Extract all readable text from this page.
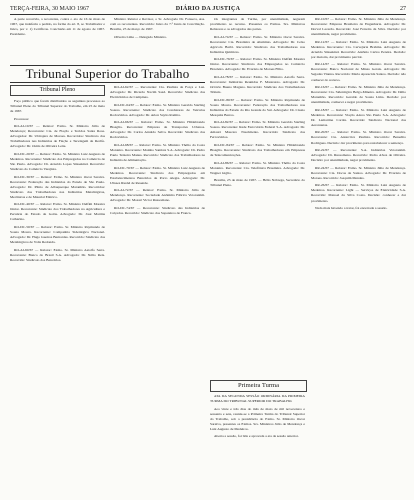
TERÇA-FEIRA, 30 MAIO 1967	DIÁRIO DA JUSTIÇA	27

A parte recorrida, a recorrente, contra o ato de 16 de maio de 1967, que indeferiu o pedido, na forma do art. 8, ao Trabalhador e Juízo, por v. 1) Certificou. Conclusão em 11 de agosto de 1967. Presidente.

Ministro Relator e Revisor, o Sr. Advogado Dr. Fonseca, Ass. com os recorrentes. Recorrido: Juízo da 7.ª Junta de Conciliação. Brasília, 25 de março de 1967.

Oliveira Lima — Delegado Ministro.

Tribunal Superior do Trabalho
Tribunal Pleno

Faço público que foram distribuídos os seguintes processos ao Tribunal Pleno do Tribunal Superior do Trabalho, em 25 de maio de 1967.

Processos:

RO-AI-10/67 — Relator: Exmo. Sr. Ministro Júlio de Mendonça; Recorrente: Cia. de Fiação e Tecidos Santa Rosa. Advogados: Dr. Ubirajara de Moraes. Recorridos: Sindicato dos Trabalhadores nas Indústrias de Fiação e Tecelagem de Recife. Advogado: Dr. Osiris de Oliveira Leite.

RO-DC-20/67 — Relator: Exmo. Sr. Ministro Luiz Augusto de Medeiros. Recorrente: Sindicato dos Empregados no Comércio de São Paulo. Advogado: Dr. Arnaldo Lopes Süssekind. Recorrido: Sindicato do Comércio Varejista.

RO-DC-30/67 — Relator: Exmo. Sr. Ministro Oscar Saraiva. Recorrente: Federação das Indústrias do Estado de São Paulo. Advogado: Dr. Plínio de Albuquerque Maranhão. Recorridos: Sindicato dos Trabalhadores nas Indústrias Metalúrgicas, Mecânicas e de Material Elétrico.

RO-DC-40/67 — Relator: Exmo. Sr. Ministro Delfim Moreira Júnior. Recorrente: Sindicato dos Trabalhadores na Agricultura e Pecuária do Estado de Goiás. Advogado: Dr. José Martins Catharino.

RO-DC-50/67 — Relator: Exmo. Sr. Ministro Raymundo de Souza Moura. Recorrente: Companhia Siderúrgica Nacional. Advogado: Dr. Hugo Gueiros Bernardes. Recorrido: Sindicato dos Metalúrgicos de Volta Redonda.

RO-AI-60/67 — Relator: Exmo. Sr. Ministro Astolfo Serra. Recorrente: Banco do Brasil S.A. Advogado: Dr. Nélio Reis. Recorrido: Sindicato dos Bancários.

RO-AI-62/67 — Recorrente: Cia. Paulista de Força e Luz. Advogado: Dr. Ricardo Nacim Saad. Recorrido: Sindicato dos Eletricitários de Campinas.

RO-DC-64/67 — Relator: Exmo. Sr. Ministro Geraldo Starling Soares. Recorrente: Sindicato dos Condutores de Veículos Rodoviários. Advogado: Dr. Arion Sayão Romita.

RO-AI-66/67 — Relator: Exmo. Sr. Ministro Hildebrando Bisaglia. Recorrente: Empresa de Transportes Urbanos. Advogado: Dr. Carlos Arnaldo Selva. Recorrido: Sindicato dos Rodoviários.

RO-AI-68/67 — Relator: Exmo. Sr. Ministro Thélio da Costa Monteiro. Recorrente: Moinho Santista S.A. Advogado: Dr. Pedro Paulo Teixeira Manus. Recorrido: Sindicato dos Trabalhadores na Indústria de Alimentação.

RO-DC-70/67 — Relator: Exmo. Sr. Ministro Luiz Augusto de Medeiros. Recorrente: Sindicato dos Empregados em Estabelecimentos Bancários de Porto Alegre. Advogado: Dr. Ulisses Riedel de Resende.

RO-AI-72/67 — Relator: Exmo. Sr. Ministro Júlio de Mendonça. Recorrente: Sociedade Anônima Fábrica Votorantim. Advogado: Dr. Mozart Victor Russomano.

RO-DC-74/67 — Recorrente: Sindicato das Indústrias de Calçados. Recorrido: Sindicato dos Sapateiros de Franca.

Os integrantes da Turma, por unanimidade, negaram provimento ao recurso. Presentes os Exmos. Srs. Ministros Relatores e os advogados das partes.

RO-AI-74/67 — Relator: Exmo. Sr. Ministro Oscar Saraiva. Recorrente: Cia. Brasileira de Alumínio. Advogado: Dr. Celso Agrícola Barbi. Recorrido: Sindicato dos Trabalhadores nas Indústrias Químicas.

RO-DC-76/67 — Relator: Exmo. Sr. Ministro Delfim Moreira Júnior. Recorrente: Sindicato dos Empregados no Comércio Hoteleiro. Advogado: Dr. Evaristo de Moraes Filho.

RO-AI-78/67 — Relator: Exmo. Sr. Ministro Astolfo Serra. Recorrente: Indústrias Reunidas F. Matarazzo. Advogado: Dr. Octávio Bueno Magano. Recorrido: Sindicato dos Trabalhadores Têxteis.

RO-DC-80/67 — Relator: Exmo. Sr. Ministro Raymundo de Souza Moura. Recorrente: Federação dos Trabalhadores nas Indústrias do Estado do Rio Grande do Sul. Advogado: Dr. Cássio Mesquita Barros.

RO-AI-82/67 — Relator: Exmo. Sr. Ministro Geraldo Starling Soares. Recorrente: Rede Ferroviária Federal S.A. Advogado: Dr. Amauri Mascaro Nascimento. Recorrido: Sindicato dos Ferroviários.

RO-DC-84/67 — Relator: Exmo. Sr. Ministro Hildebrando Bisaglia. Recorrente: Sindicato dos Trabalhadores em Empresas de Telecomunicações.

RO-AI-86/67 — Relator: Exmo. Sr. Ministro Thélio da Costa Monteiro. Recorrente: Cia. Telefônica Brasileira. Advogado: Dr. Wagner Giglio.

Brasília, 25 de maio de 1967. — Hélio Nóbrega, Secretário do Tribunal Pleno.

Primeira Turma

ATA DA SEGUNDA SESSÃO ORDINÁRIA DA PRIMEIRA TURMA DO TRIBUNAL SUPERIOR DO TRABALHO.

Aos vinte e três dias do mês de maio de mil novecentos e sessenta e sete, reuniu-se a Primeira Turma do Tribunal Superior do Trabalho, sob a presidência do Exmo. Sr. Ministro Oscar Saraiva, presentes os Exmos. Srs. Ministros Júlio de Mendonça e Luiz Augusto de Medeiros.

Aberta a sessão, foi lida e aprovada a ata da sessão anterior.

RR-10/67 — Relator: Exmo. Sr. Ministro Júlio de Mendonça. Recorrente: Empresa Brasileira de Engenharia. Advogado: Dr. Dorval Lacerda. Recorrido: José Ferreira da Silva. Decisão: por unanimidade, negar provimento.

RR-12/67 — Relator: Exmo. Sr. Ministro Luiz Augusto de Medeiros. Recorrente: Cia. Cervejaria Brahma. Advogado: Dr. Arnaldo Süssekind. Recorrido: Antônio Carlos Pereira. Decisão: por maioria, dar provimento parcial.

RR-14/67 — Relator: Exmo. Sr. Ministro Oscar Saraiva. Recorrente: Banco Nacional de Minas Gerais. Advogado: Dr. Segadas Vianna. Recorrido: Maria Aparecida Santos. Decisão: não conhecer do recurso.

RR-16/67 — Relator: Exmo. Sr. Ministro Júlio de Mendonça. Recorrente: Cia. Siderúrgica Belgo-Mineira. Advogado: Dr. Délio Maranhão. Recorrido: Geraldo de Souza Lima. Decisão: por unanimidade, conhecer e negar provimento.

RR-18/67 — Relator: Exmo. Sr. Ministro Luiz Augusto de Medeiros. Recorrente: Viação Aérea São Paulo S.A. Advogado: Dr. Lamartine Corrêa. Recorrido: Sindicato Nacional dos Aeronautas.

RR-20/67 — Relator: Exmo. Sr. Ministro Oscar Saraiva. Recorrente: Cia. Antarctica Paulista. Recorrido: Benedito Rodrigues. Decisão: dar provimento para restabelecer a sentença.

RR-22/67 — Recorrente: S.A. Indústrias Votorantim. Advogado: Dr. Russomano. Recorrido: Pedro Alves de Oliveira. Decisão: por unanimidade, negar provimento.

RR-24/67 — Relator: Exmo. Sr. Ministro Júlio de Mendonça. Recorrente: Cia. Docas de Santos. Advogado: Dr. Evaristo de Moraes. Recorrido: Joaquim Mendes.

RR-26/67 — Relator: Exmo. Sr. Ministro Luiz Augusto de Medeiros. Recorrente: Light — Serviços de Eletricidade S.A. Recorrido: Manoel da Silva Costa. Decisão: conhecer e dar provimento.

Nada mais havendo a tratar, foi encerrada a sessão.
